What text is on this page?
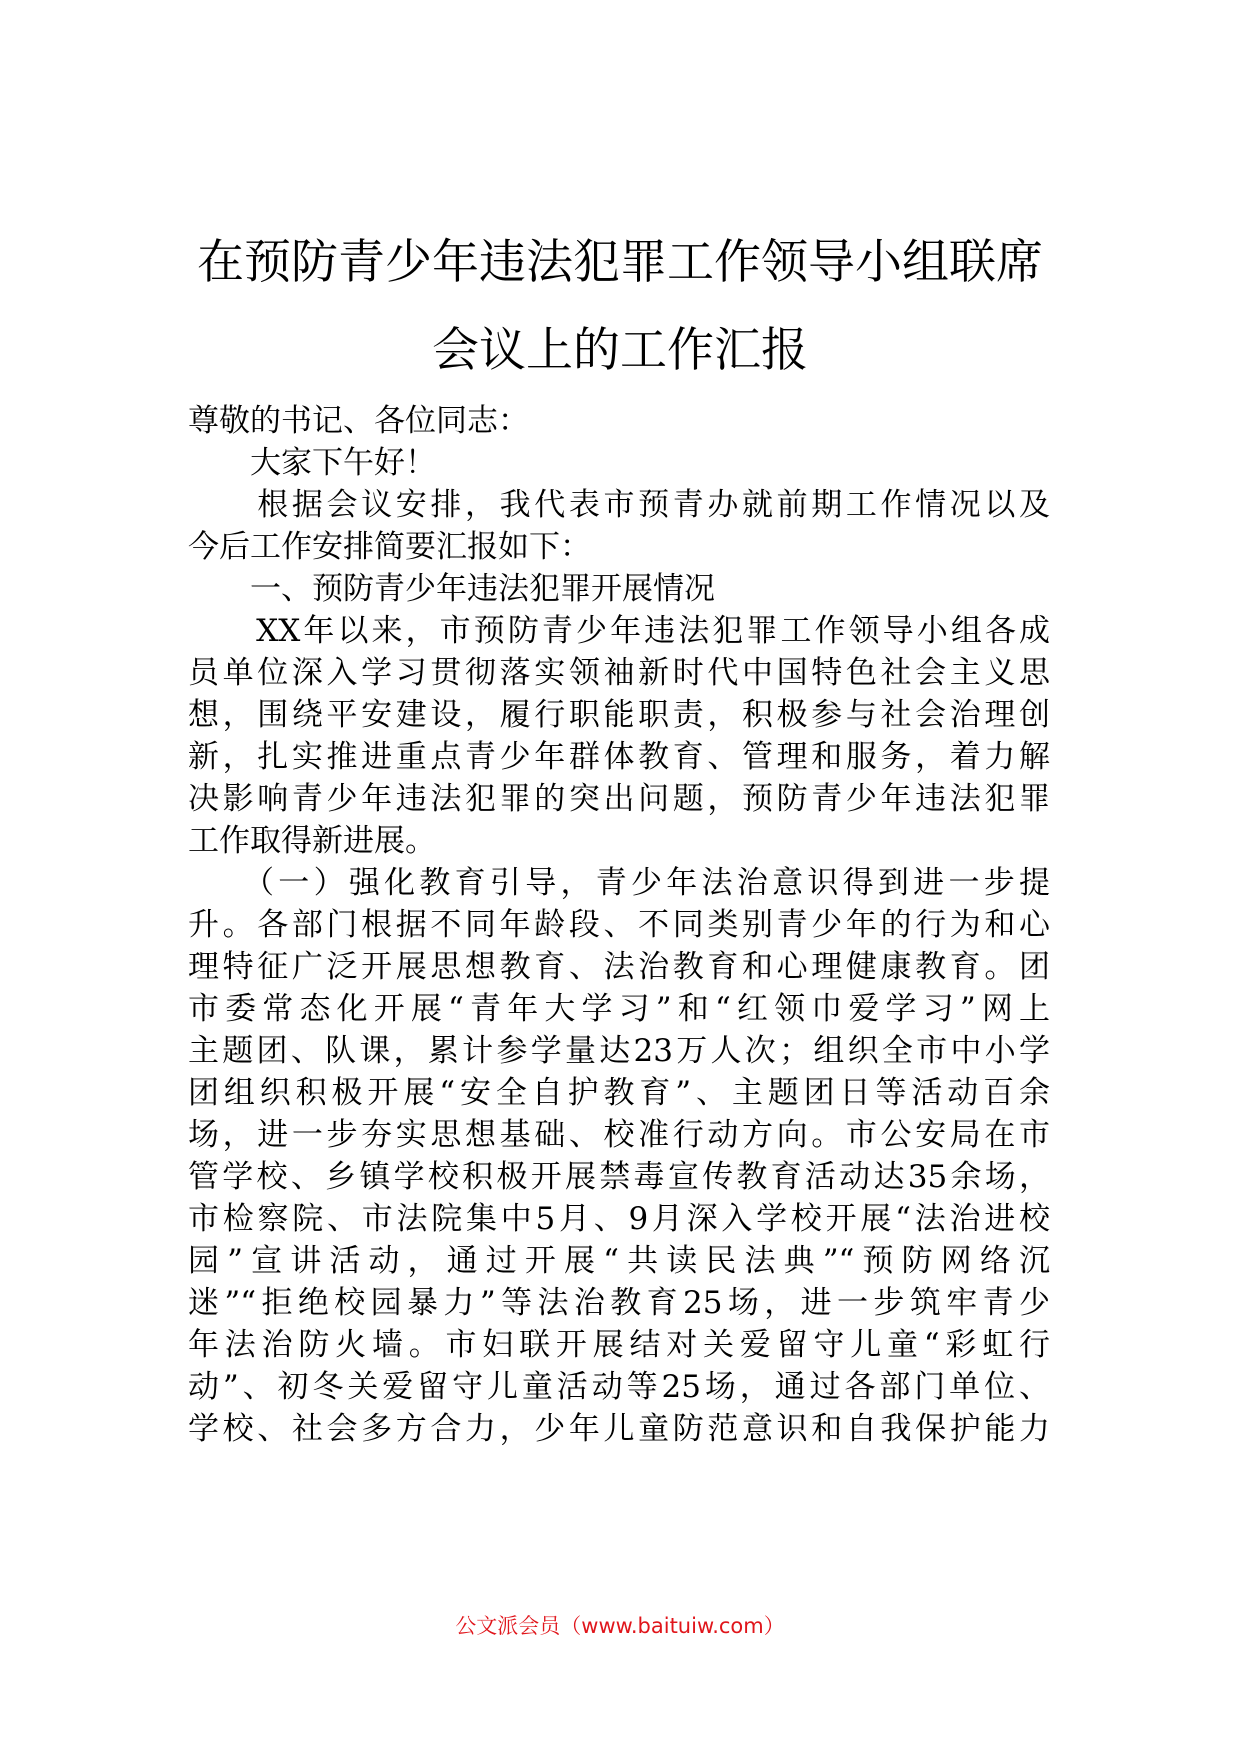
在预防青少年违法犯罪工作领导小组联席
会议上的工作汇报
尊敬的书记、各位同志：
　　大家下午好！
　　根据会议安排，我代表市预青办就前期工作情况以及
今后工作安排简要汇报如下：
　　一、预防青少年违法犯罪开展情况
　　XX年以来，市预防青少年违法犯罪工作领导小组各成
员单位深入学习贯彻落实领袖新时代中国特色社会主义思
想，围绕平安建设，履行职能职责，积极参与社会治理创
新，扎实推进重点青少年群体教育、管理和服务，着力解
决影响青少年违法犯罪的突出问题，预防青少年违法犯罪
工作取得新进展。
　　（一）强化教育引导，青少年法治意识得到进一步提
升。各部门根据不同年龄段、不同类别青少年的行为和心
理特征广泛开展思想教育、法治教育和心理健康教育。团
市委常态化开展“青年大学习”和“红领巾爱学习”网上
主题团、队课，累计参学量达23万人次；组织全市中小学
团组织积极开展“安全自护教育”、主题团日等活动百余
场，进一步夯实思想基础、校准行动方向。市公安局在市
管学校、乡镇学校积极开展禁毒宣传教育活动达35余场，
市检察院、市法院集中5月、9月深入学校开展“法治进校
园”宣讲活动，通过开展“共读民法典”“预防网络沉
迷”“拒绝校园暴力”等法治教育25场，进一步筑牢青少
年法治防火墙。市妇联开展结对关爱留守儿童“彩虹行
动”、初冬关爱留守儿童活动等25场，通过各部门单位、
学校、社会多方合力，少年儿童防范意识和自我保护能力
公文派会员（www.baituiw.com）
